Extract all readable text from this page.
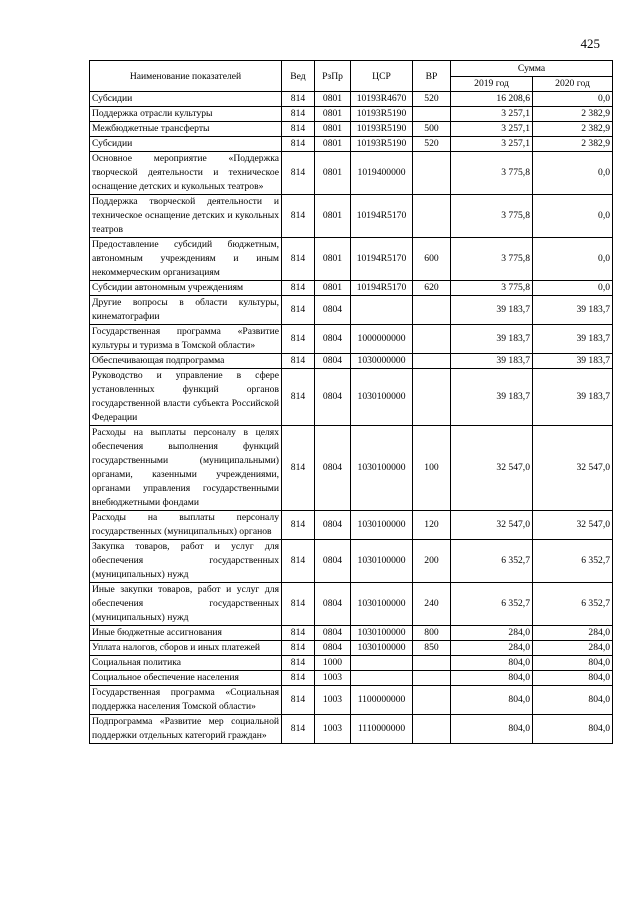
425
Наименование показателей	Вед	РзПр	ЦСР	ВР	Сумма	
					2019 год	2020 год
Субсидии	814	0801	10193R4670	520	16 208,6	0,0
Поддержка отрасли культуры	814	0801	10193R5190		3 257,1	2 382,9
Межбюджетные трансферты	814	0801	10193R5190	500	3 257,1	2 382,9
Субсидии	814	0801	10193R5190	520	3 257,1	2 382,9
Основное мероприятие «Поддержка творческой деятельности и техническое оснащение детских и кукольных театров»	814	0801	1019400000		3 775,8	0,0
Поддержка творческой деятельности и техническое оснащение детских и кукольных театров	814	0801	10194R5170		3 775,8	0,0
Предоставление субсидий бюджетным, автономным учреждениям и иным некоммерческим организациям	814	0801	10194R5170	600	3 775,8	0,0
Субсидии автономным учреждениям	814	0801	10194R5170	620	3 775,8	0,0
Другие вопросы в области культуры, кинематографии	814	0804			39 183,7	39 183,7
Государственная программа «Развитие культуры и туризма в Томской области»	814	0804	1000000000		39 183,7	39 183,7
Обеспечивающая подпрограмма	814	0804	1030000000		39 183,7	39 183,7
Руководство и управление в сфере установленных функций органов государственной власти субъекта Российской Федерации	814	0804	1030100000		39 183,7	39 183,7
Расходы на выплаты персоналу в целях обеспечения выполнения функций государственными (муниципальными) органами, казенными учреждениями, органами управления государственными внебюджетными фондами	814	0804	1030100000	100	32 547,0	32 547,0
Расходы на выплаты персоналу государственных (муниципальных) органов	814	0804	1030100000	120	32 547,0	32 547,0
Закупка товаров, работ и услуг для обеспечения государственных (муниципальных) нужд	814	0804	1030100000	200	6 352,7	6 352,7
Иные закупки товаров, работ и услуг для обеспечения государственных (муниципальных) нужд	814	0804	1030100000	240	6 352,7	6 352,7
Иные бюджетные ассигнования	814	0804	1030100000	800	284,0	284,0
Уплата налогов, сборов и иных платежей	814	0804	1030100000	850	284,0	284,0
Социальная политика	814	1000			804,0	804,0
Социальное обеспечение населения	814	1003			804,0	804,0
Государственная программа «Социальная поддержка населения Томской области»	814	1003	1100000000		804,0	804,0
Подпрограмма «Развитие мер социальной поддержки отдельных категорий граждан»	814	1003	1110000000		804,0	804,0
